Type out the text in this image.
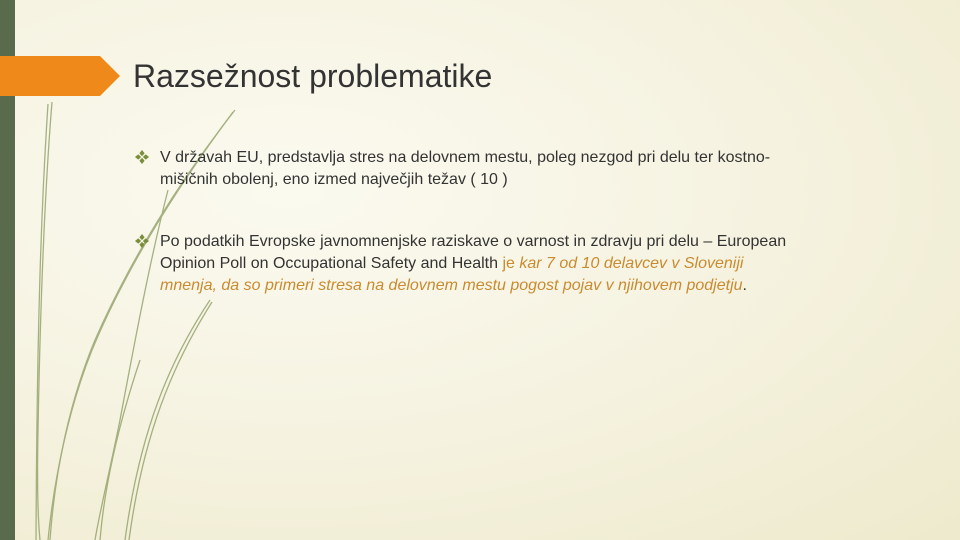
Razsežnost problematike
V državah EU, predstavlja stres na delovnem mestu, poleg nezgod pri delu ter kostno-mišičnih obolenj, eno izmed največjih težav ( 10 )
Po podatkih Evropske javnomnenjske raziskave o varnost in zdravju pri delu – European Opinion Poll on Occupational Safety and Health je kar 7 od 10 delavcev v Sloveniji mnenja, da so primeri stresa na delovnem mestu pogost pojav v njihovem podjetju.
